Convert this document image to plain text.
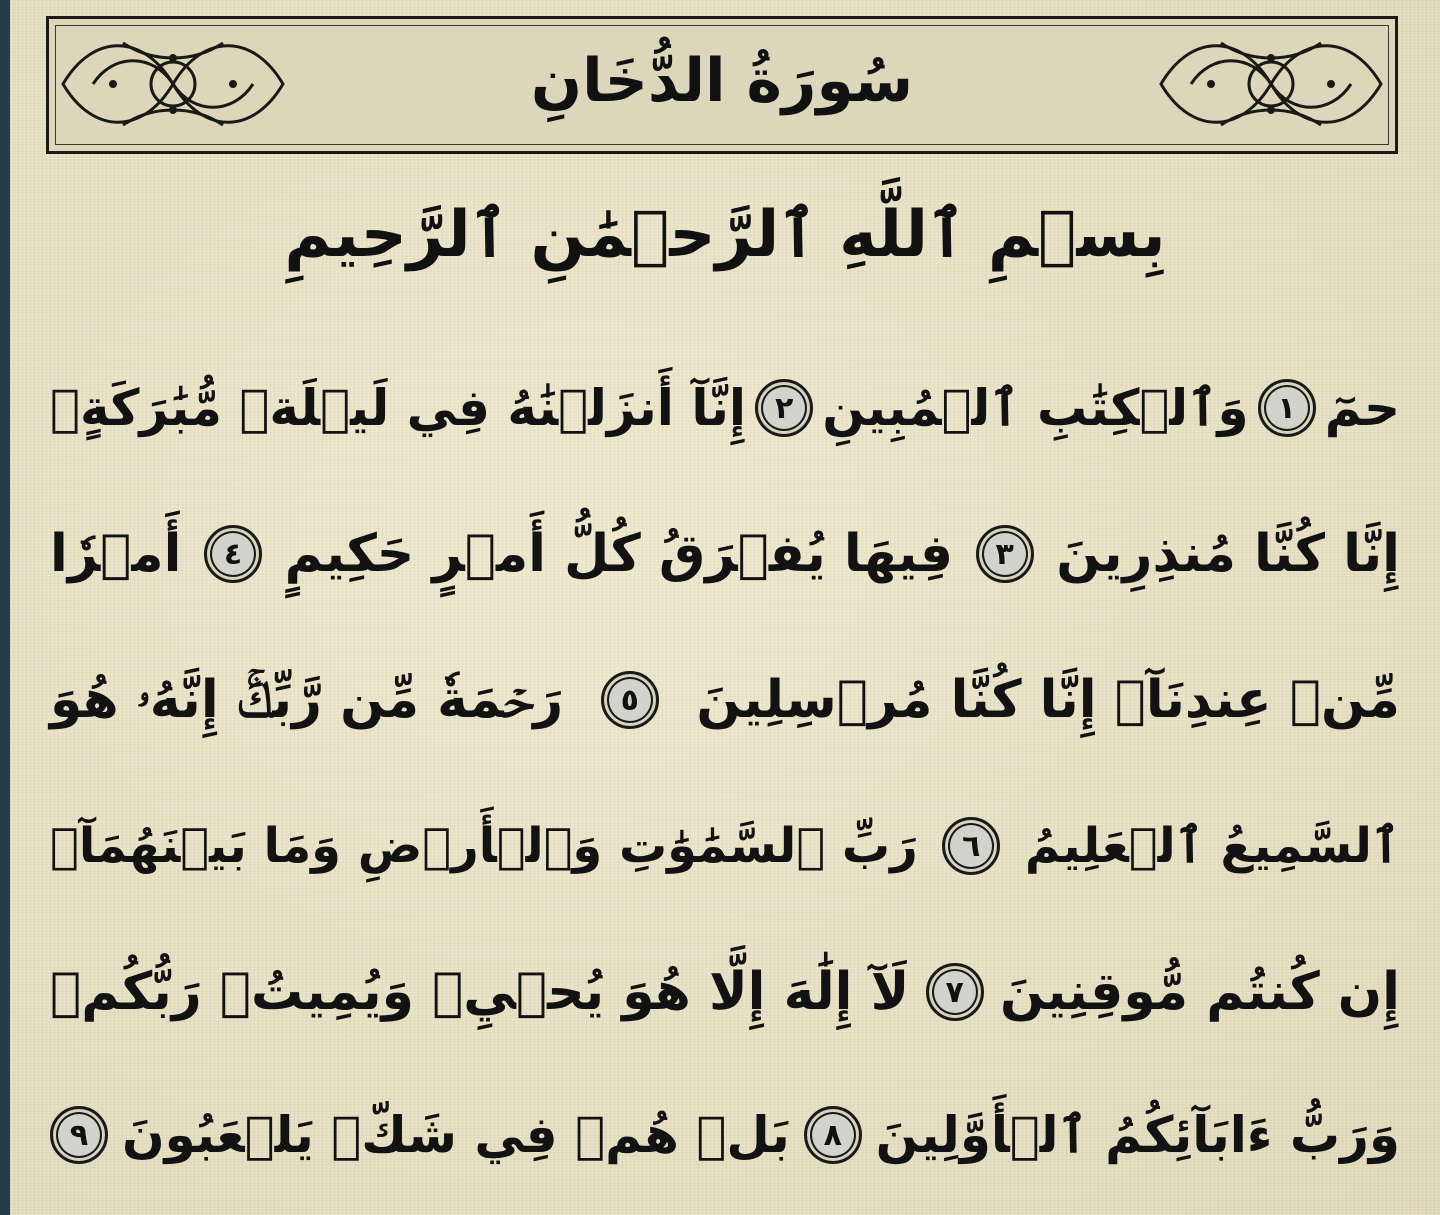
سُورَةُ الدُّخَانِ
بِسۡمِ ٱللَّهِ ٱلرَّحۡمَٰنِ ٱلرَّحِيمِ
حمٓ
١
وَٱلۡكِتَٰبِ ٱلۡمُبِينِ
٢
إِنَّآ أَنزَلۡنَٰهُ فِي لَيۡلَةٖ مُّبَٰرَكَةٍۚ
إِنَّا كُنَّا مُنذِرِينَ
٣
فِيهَا يُفۡرَقُ كُلُّ أَمۡرٍ حَكِيمٍ
٤
أَمۡرٗا
مِّنۡ عِندِنَآۚ إِنَّا كُنَّا مُرۡسِلِينَ
٥
رَحۡمَةٗ مِّن رَّبِّكَۚ إِنَّهُۥ هُوَ
ٱلسَّمِيعُ ٱلۡعَلِيمُ
٦
رَبِّ ٱلسَّمَٰوَٰتِ وَٱلۡأَرۡضِ وَمَا بَيۡنَهُمَآۖ
إِن كُنتُم مُّوقِنِينَ
٧
لَآ إِلَٰهَ إِلَّا هُوَ يُحۡيِۦ وَيُمِيتُۖ رَبُّكُمۡ
وَرَبُّ ءَابَآئِكُمُ ٱلۡأَوَّلِينَ
٨
بَلۡ هُمۡ فِي شَكّٖ يَلۡعَبُونَ
٩
